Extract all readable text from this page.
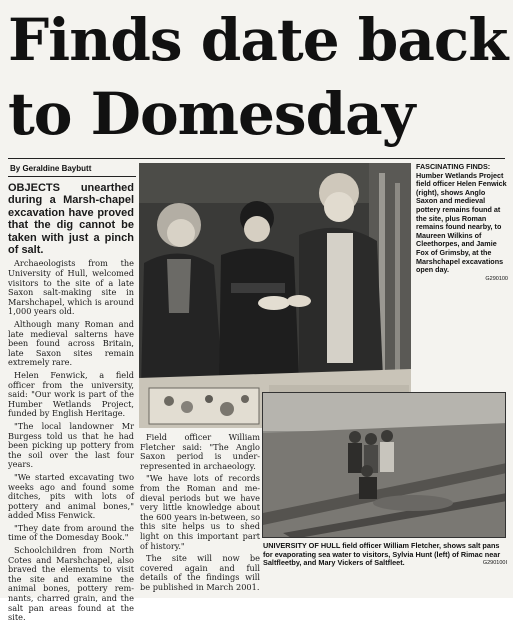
Finds date back
to Domesday
By Geraldine Baybutt

OBJECTS unearthed during a Marsh-chapel excavation have proved that the dig cannot be taken with just a pinch of salt.

Archaeologists from the University of Hull, welcomed visitors to the site of a late Saxon salt-making site in Marshchapel, which is around 1,000 years old.

Although many Roman and late medieval salterns have been found across Britain, late Saxon sites remain extremely rare.

Helen Fenwick, a field officer from the university, said: "Our work is part of the Humber Wetlands Project, funded by English Heritage.

"The local landowner Mr Burgess told us that he had been picking up pottery from the soil over the last four years.

"We started excavating two weeks ago and found some ditches, pits with lots of pottery and animal bones," added Miss Fenwick.

"They date from around the time of the Domesday Book."

Schoolchildren from North Cotes and Marshchapel, also braved the elements to visit the site and examine the animal bones, pottery rem-nants, charred grain, and the salt pan areas found at the site.

FASCINATING FINDS: Humber Wetlands Project field officer Helen Fenwick (right), shows Anglo Saxon and medieval pottery remains found at the site, plus Roman remains found nearby, to Maureen Wilkins of Cleethorpes, and Jamie Fox of Grimsby, at the Marshchapel excavations open day.
G290100

Field officer William Fletcher said: "The Anglo Saxon period is under-represented in archaeology.

"We have lots of records from the Roman and me-dieval periods but we have very little knowledge about the 600 years in-between, so this site helps us to shed light on this important part of history."

The site will now be covered again and full details of the findings will be published in March 2001.

UNIVERSITY OF HULL field officer William Fletcher, shows salt pans for evaporating sea water to visitors, Sylvia Hunt (left) of Rimac near Saltfleetby, and Mary Vickers of Saltfleet.	G290100I
